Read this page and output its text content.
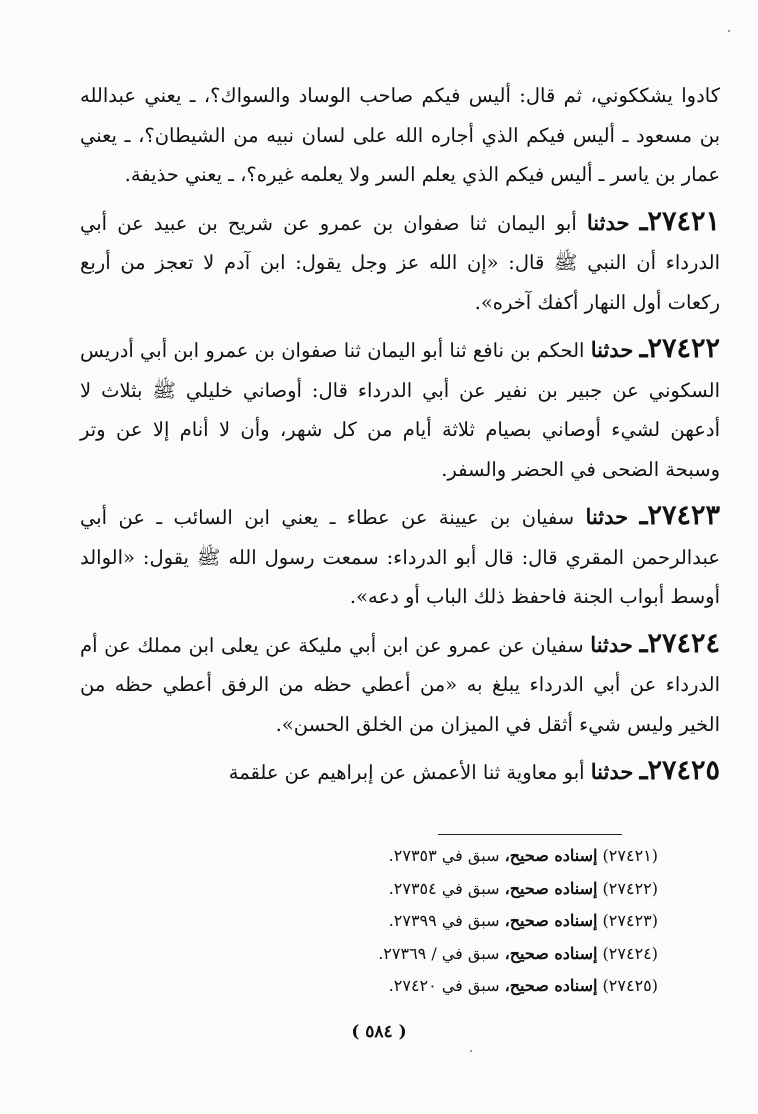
كادوا يشككوني، ثم قال: أليس فيكم صاحب الوساد والسواك؟، ـ يعني عبدالله بن مسعود ـ أليس فيكم الذي أجاره الله على لسان نبيه من الشيطان؟، ـ يعني عمار بن ياسر ـ أليس فيكم الذي يعلم السر ولا يعلمه غيره؟، ـ يعني حذيفة.

٢٧٤٢١ـ حدثنا أبو اليمان ثنا صفوان بن عمرو عن شريح بن عبيد عن أبي الدرداء أن النبي ﷺ قال: «إن الله عز وجل يقول: ابن آدم لا تعجز من أربع ركعات أول النهار أكفك آخره».

٢٧٤٢٢ـ حدثنا الحكم بن نافع ثنا أبو اليمان ثنا صفوان بن عمرو ابن أبي أدريس السكوني عن جبير بن نفير عن أبي الدرداء قال: أوصاني خليلي ﷺ بثلاث لا أدعهن لشيء أوصاني بصيام ثلاثة أيام من كل شهر، وأن لا أنام إلا عن وتر وسبحة الضحى في الحضر والسفر.

٢٧٤٢٣ـ حدثنا سفيان بن عيينة عن عطاء ـ يعني ابن السائب ـ عن أبي عبدالرحمن المقري قال: قال أبو الدرداء: سمعت رسول الله ﷺ يقول: «الوالد أوسط أبواب الجنة فاحفظ ذلك الباب أو دعه».

٢٧٤٢٤ـ حدثنا سفيان عن عمرو عن ابن أبي مليكة عن يعلى ابن مملك عن أم الدرداء عن أبي الدرداء يبلغ به «من أعطي حظه من الرفق أعطي حظه من الخير وليس شيء أثقل في الميزان من الخلق الحسن».

٢٧٤٢٥ـ حدثنا أبو معاوية ثنا الأعمش عن إبراهيم عن علقمة

(٢٧٤٢١) إسناده صحيح، سبق في ٢٧٣٥٣.
(٢٧٤٢٢) إسناده صحيح، سبق في ٢٧٣٥٤.
(٢٧٤٢٣) إسناده صحيح، سبق في ٢٧٣٩٩.
(٢٧٤٢٤) إسناده صحيح، سبق في / ٢٧٣٦٩.
(٢٧٤٢٥) إسناده صحيح، سبق في ٢٧٤٢٠.
( ٥٨٤ )
